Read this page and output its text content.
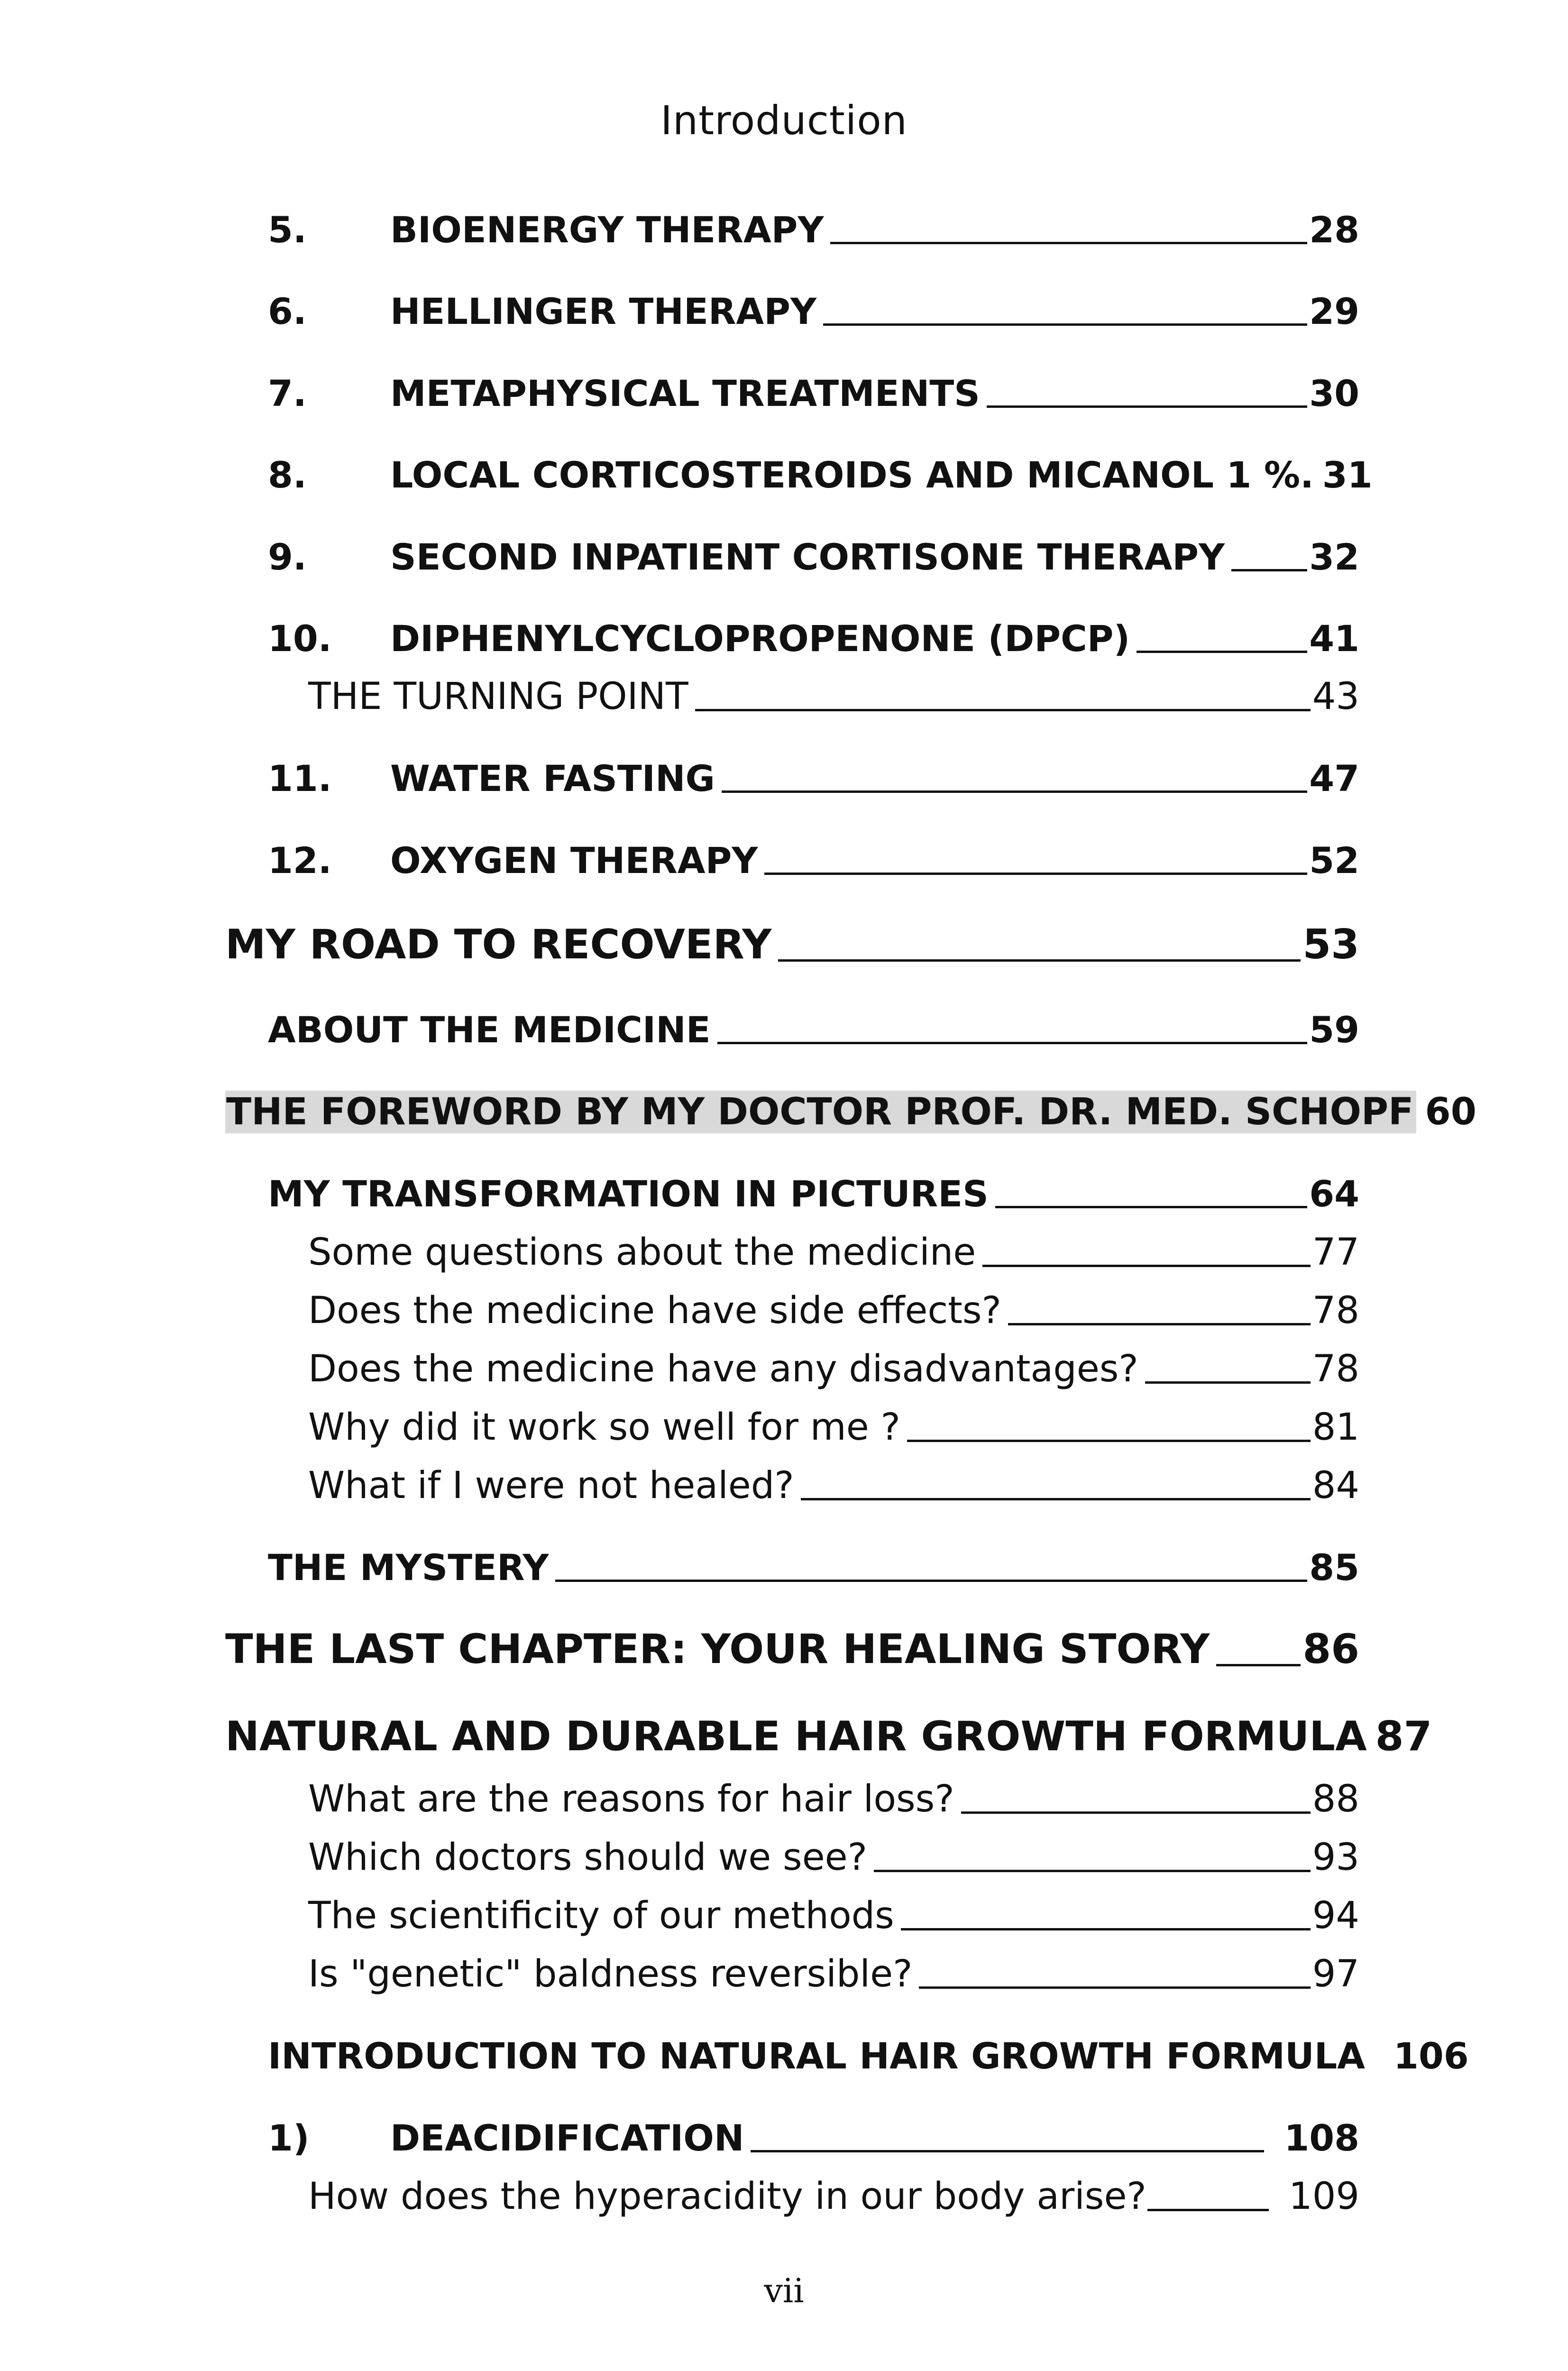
Introduction
5.	BIOENERGY THERAPY	28
6.	HELLINGER THERAPY	29
7.	METAPHYSICAL TREATMENTS	30
8.	LOCAL CORTICOSTEROIDS AND MICANOL 1 %. 31
9.	SECOND INPATIENT CORTISONE THERAPY 32
10.	DIPHENYLCYCLOPROPENONE (DPCP)	41
THE TURNING POINT	43
11.	WATER FASTING	47
12.	OXYGEN THERAPY	52
MY ROAD TO RECOVERY	53
ABOUT THE MEDICINE	59
THE FOREWORD BY MY DOCTOR PROF. DR. MED. SCHOPF 60
MY TRANSFORMATION IN PICTURES	64
Some questions about the medicine	77
Does the medicine have side effects?	78
Does the medicine have any disadvantages?	78
Why did it work so well for me ?	81
What if I were not healed?	84
THE MYSTERY	85
THE LAST CHAPTER: YOUR HEALING STORY 86
NATURAL AND DURABLE HAIR GROWTH FORMULA 87
What are the reasons for hair loss?	88
Which doctors should we see?	93
The scientificity of our methods	94
Is "genetic" baldness reversible?	97
INTRODUCTION TO NATURAL HAIR GROWTH FORMULA 106
1)	DEACIDIFICATION	108
How does the hyperacidity in our body arise?	109
vii
